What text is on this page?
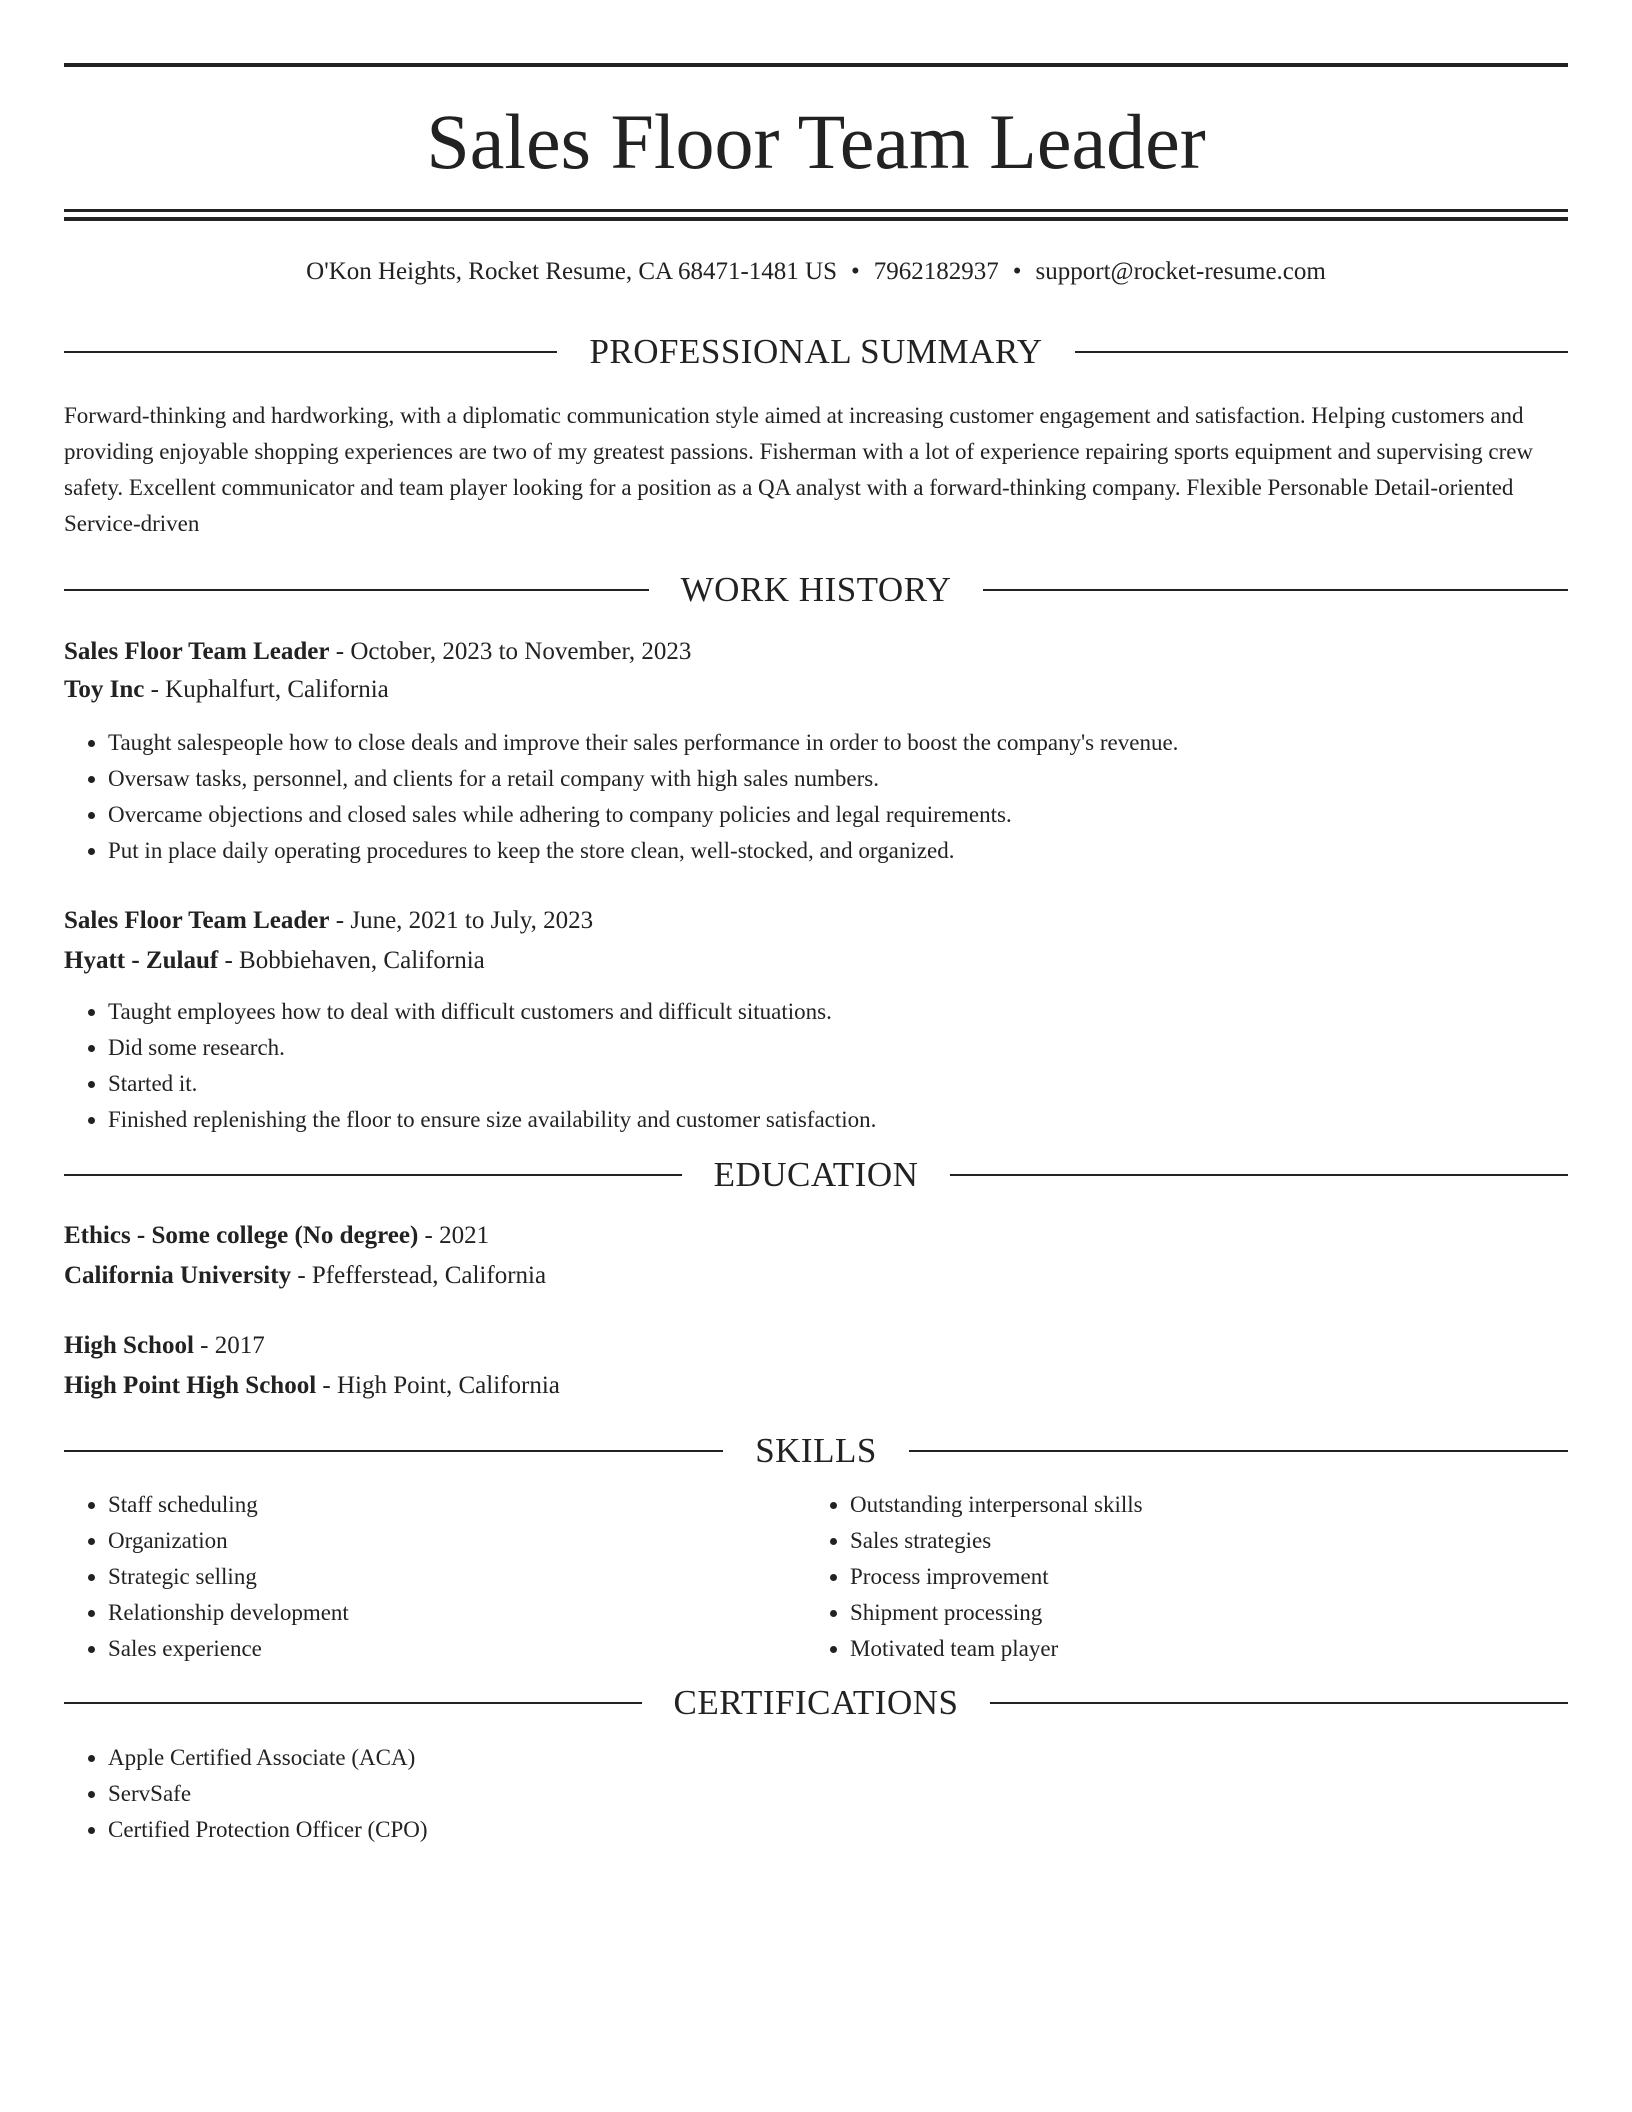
Sales Floor Team Leader
O'Kon Heights, Rocket Resume, CA 68471-1481 US • 7962182937 • support@rocket-resume.com
PROFESSIONAL SUMMARY

Forward-thinking and hardworking, with a diplomatic communication style aimed at increasing customer engagement and satisfaction. Helping customers and providing enjoyable shopping experiences are two of my greatest passions. Fisherman with a lot of experience repairing sports equipment and supervising crew safety. Excellent communicator and team player looking for a position as a QA analyst with a forward-thinking company. Flexible Personable Detail-oriented Service-driven

WORK HISTORY
Sales Floor Team Leader - October, 2023 to November, 2023
Toy Inc - Kuphalfurt, California
• Taught salespeople how to close deals and improve their sales performance in order to boost the company's revenue.
• Oversaw tasks, personnel, and clients for a retail company with high sales numbers.
• Overcame objections and closed sales while adhering to company policies and legal requirements.
• Put in place daily operating procedures to keep the store clean, well-stocked, and organized.
Sales Floor Team Leader - June, 2021 to July, 2023
Hyatt - Zulauf - Bobbiehaven, California
• Taught employees how to deal with difficult customers and difficult situations.
• Did some research.
• Started it.
• Finished replenishing the floor to ensure size availability and customer satisfaction.
EDUCATION
Ethics - Some college (No degree) - 2021
California University - Pfefferstead, California
High School - 2017
High Point High School - High Point, California
SKILLS
• Staff scheduling
• Organization
• Strategic selling
• Relationship development
• Sales experience
• Outstanding interpersonal skills
• Sales strategies
• Process improvement
• Shipment processing
• Motivated team player
CERTIFICATIONS
• Apple Certified Associate (ACA)
• ServSafe
• Certified Protection Officer (CPO)
